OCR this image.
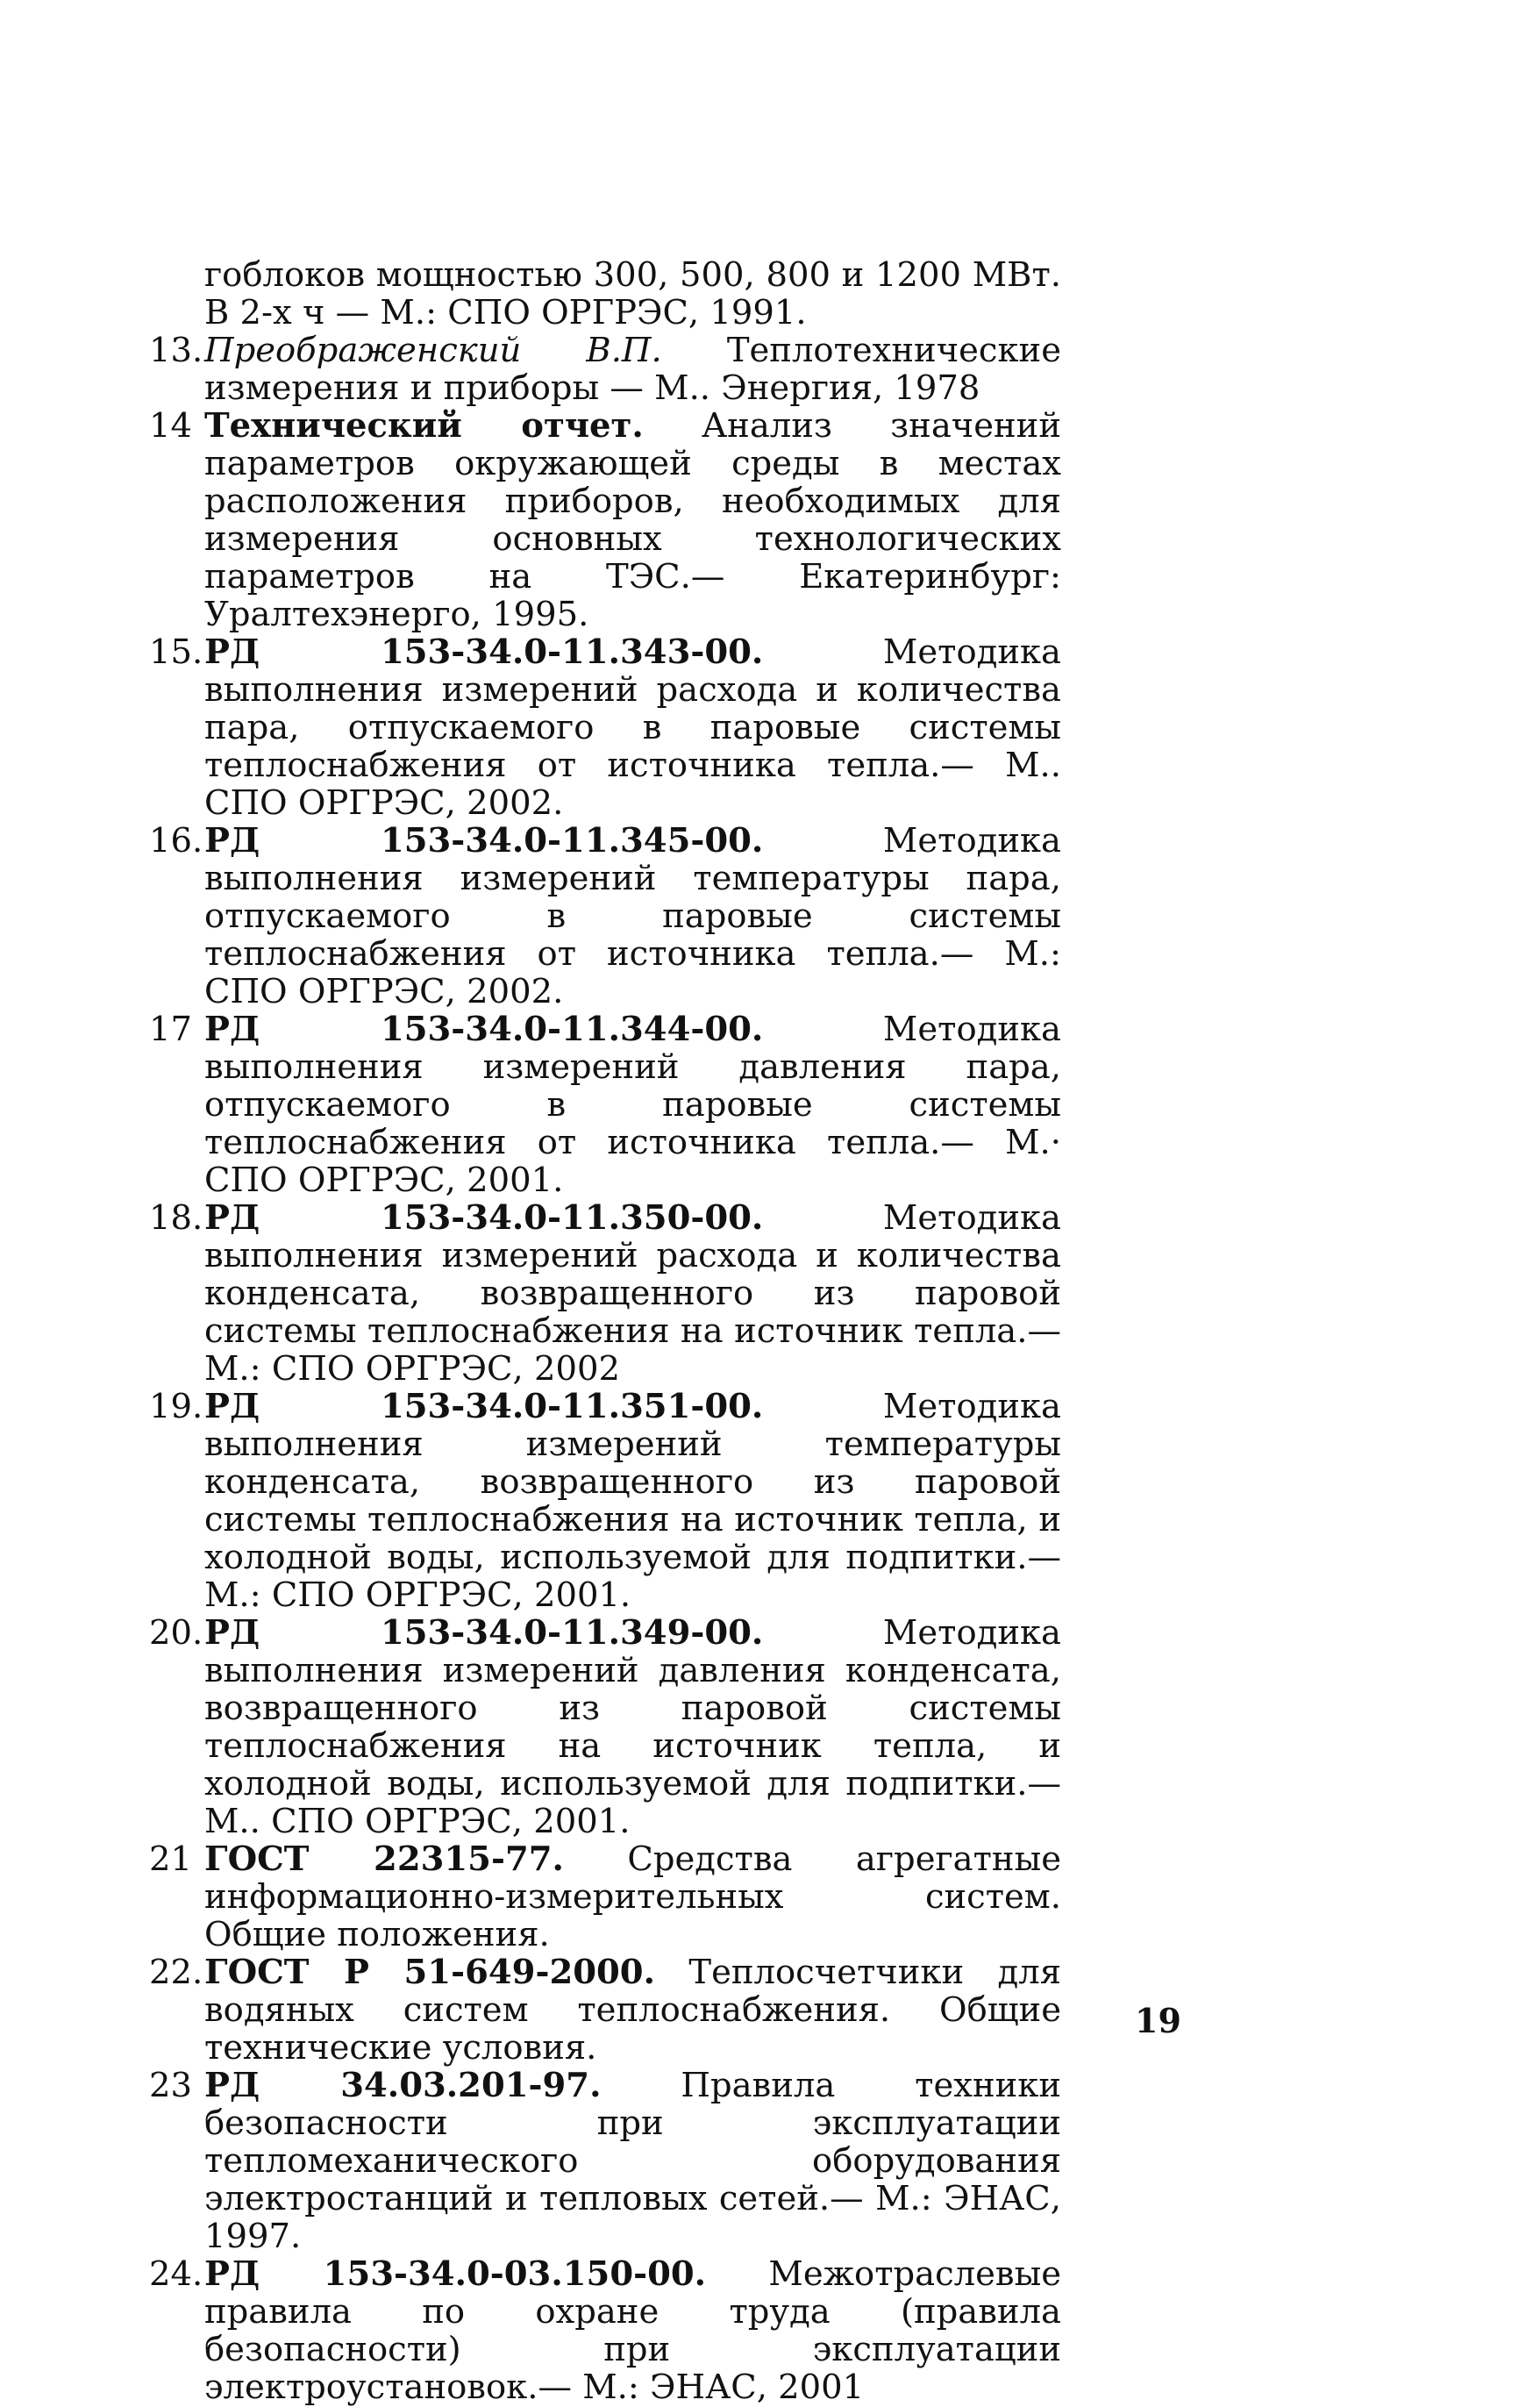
гоблоков мощностью 300, 500, 800 и 1200 МВт. В 2-х ч — М.: СПО ОРГРЭС, 1991.

13. Преображенский В.П. Теплотехнические измерения и приборы — М.. Энергия, 1978

14 Технический отчет. Анализ значений параметров окружающей среды в местах расположения приборов, необходимых для измерения основных технологических параметров на ТЭС.— Екатеринбург: Уралтехэнерго, 1995.

15. РД 153-34.0-11.343-00. Методика выполнения измерений расхода и количества пара, отпускаемого в паровые системы теплоснабжения от источника тепла.— М.. СПО ОРГРЭС, 2002.

16. РД 153-34.0-11.345-00. Методика выполнения измерений температуры пара, отпускаемого в паровые системы теплоснабжения от источника тепла.— М.: СПО ОРГРЭС, 2002.

17 РД 153-34.0-11.344-00. Методика выполнения измерений давления пара, отпускаемого в паровые системы теплоснабжения от источника тепла.— М.· СПО ОРГРЭС, 2001.

18. РД 153-34.0-11.350-00. Методика выполнения измерений расхода и количества конденсата, возвращенного из паровой системы теплоснабжения на источник тепла.— М.: СПО ОРГРЭС, 2002

19. РД 153-34.0-11.351-00. Методика выполнения измерений температуры конденсата, возвращенного из паровой системы теплоснабжения на источник тепла, и холодной воды, используемой для подпитки.— М.: СПО ОРГРЭС, 2001.

20. РД 153-34.0-11.349-00. Методика выполнения измерений давления конденсата, возвращенного из паровой системы теплоснабжения на источник тепла, и холодной воды, используемой для подпитки.— М.. СПО ОРГРЭС, 2001.

21 ГОСТ 22315-77. Средства агрегатные информационно-измерительных систем. Общие положения.

22. ГОСТ Р 51-649-2000. Теплосчетчики для водяных систем теплоснабжения. Общие технические условия.

23 РД 34.03.201-97. Правила техники безопасности при эксплуатации тепломеханического оборудования электростанций и тепловых сетей.— М.: ЭНАС, 1997.

24. РД 153-34.0-03.150-00. Межотраслевые правила по охране труда (правила безопасности) при эксплуатации электроустановок.— М.: ЭНАС, 2001

19
